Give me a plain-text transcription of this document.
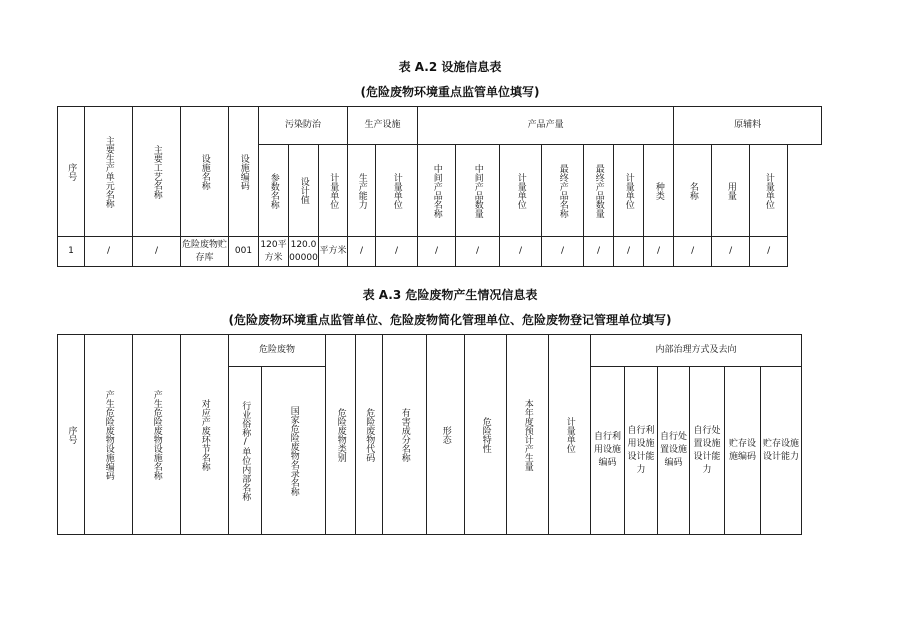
表 A.2 设施信息表
(危险废物环境重点监管单位填写)
序号	主要生产单元名称	主要工艺名称	设施名称	设施编码	污染防治			生产设施		产品产量							原辅料		
					参数名称	设计值	计量单位	生产能力	计量单位	中间产品名称	中间产品数量	计量单位	最终产品名称	最终产品数量	计量单位	种类	名称	用量	计量单位
1	/	/	危险废物贮存库	001	120平方米	120.000000	平方米	/	/	/	/	/	/	/	/	/	/	/	/
表 A.3 危险废物产生情况信息表
(危险废物环境重点监管单位、危险废物简化管理单位、危险废物登记管理单位填写)
序号	产生危险废物设施编码	产生危险废物设施名称	对应产废环节名称	危险废物		危险废物类别	危险废物代码	有害成分名称	形态	危险特性	本年度预计产生量	计量单位	内部治理方式及去向					
				行业俗称/单位内部名称	国家危险废物名录名称								自行利用设施编码	自行利用设施设计能力	自行处置设施编码	自行处置设施设计能力	贮存设施编码	贮存设施设计能力
